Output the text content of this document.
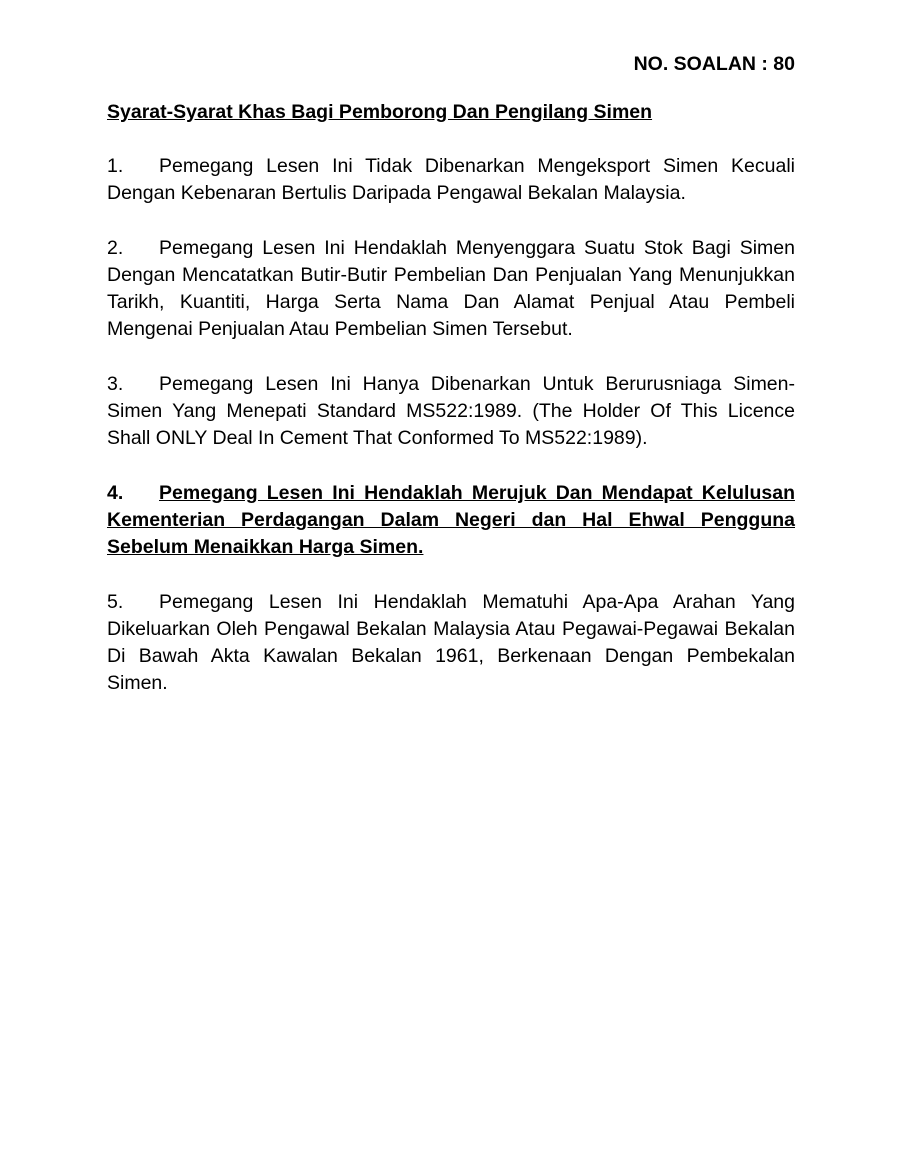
NO. SOALAN : 80

Syarat-Syarat Khas Bagi Pemborong Dan Pengilang Simen

1. Pemegang Lesen Ini Tidak Dibenarkan Mengeksport Simen Kecuali Dengan Kebenaran Bertulis Daripada Pengawal Bekalan Malaysia.

2. Pemegang Lesen Ini Hendaklah Menyenggara Suatu Stok Bagi Simen Dengan Mencatatkan Butir-Butir Pembelian Dan Penjualan Yang Menunjukkan Tarikh, Kuantiti, Harga Serta Nama Dan Alamat Penjual Atau Pembeli Mengenai Penjualan Atau Pembelian Simen Tersebut.

3. Pemegang Lesen Ini Hanya Dibenarkan Untuk Berurusniaga Simen-Simen Yang Menepati Standard MS522:1989. (The Holder Of This Licence Shall ONLY Deal In Cement That Conformed To MS522:1989).

4. Pemegang Lesen Ini Hendaklah Merujuk Dan Mendapat Kelulusan Kementerian Perdagangan Dalam Negeri dan Hal Ehwal Pengguna Sebelum Menaikkan Harga Simen.

5. Pemegang Lesen Ini Hendaklah Mematuhi Apa-Apa Arahan Yang Dikeluarkan Oleh Pengawal Bekalan Malaysia Atau Pegawai-Pegawai Bekalan Di Bawah Akta Kawalan Bekalan 1961, Berkenaan Dengan Pembekalan Simen.
